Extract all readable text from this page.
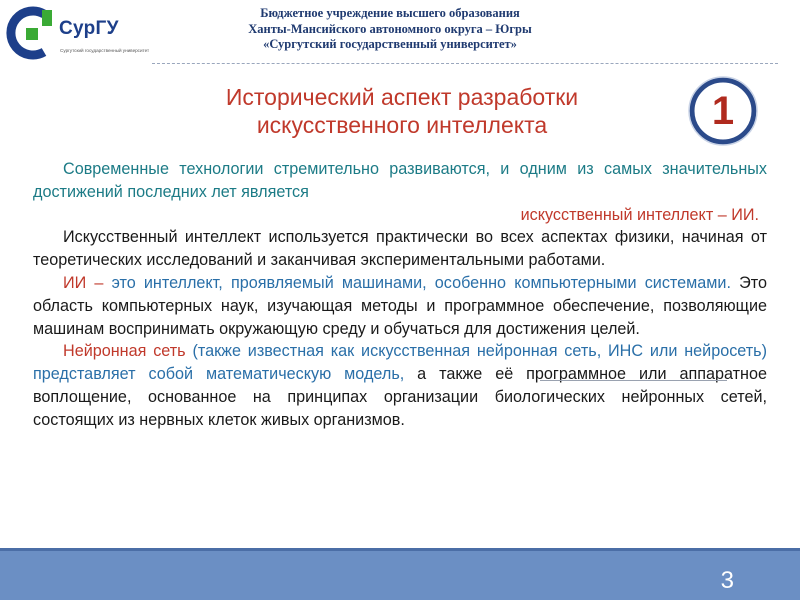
СурГУ
Сургутский государственный университет
Бюджетное учреждение высшего образования
Ханты-Мансийского автономного округа – Югры
«Сургутский государственный университет»
Исторический аспект разработки
искусственного интеллекта	1

Современные технологии стремительно развиваются, и одним из самых значительных достижений последних лет является

искусственный интеллект – ИИ.

Искусственный интеллект используется практически во всех аспектах физики, начиная от теоретических исследований и заканчивая экспериментальными работами.

ИИ – это интеллект, проявляемый машинами, особенно компьютерными системами. Это область компьютерных наук, изучающая методы и программное обеспечение, позволяющие машинам воспринимать окружающую среду и обучаться для достижения целей.

Нейронная сеть (также известная как искусственная нейронная сеть, ИНС или нейросеть) представляет собой математическую модель, а также её программное или аппаратное воплощение, основанное на принципах организации биологических нейронных сетей, состоящих из нервных клеток живых организмов.

3
